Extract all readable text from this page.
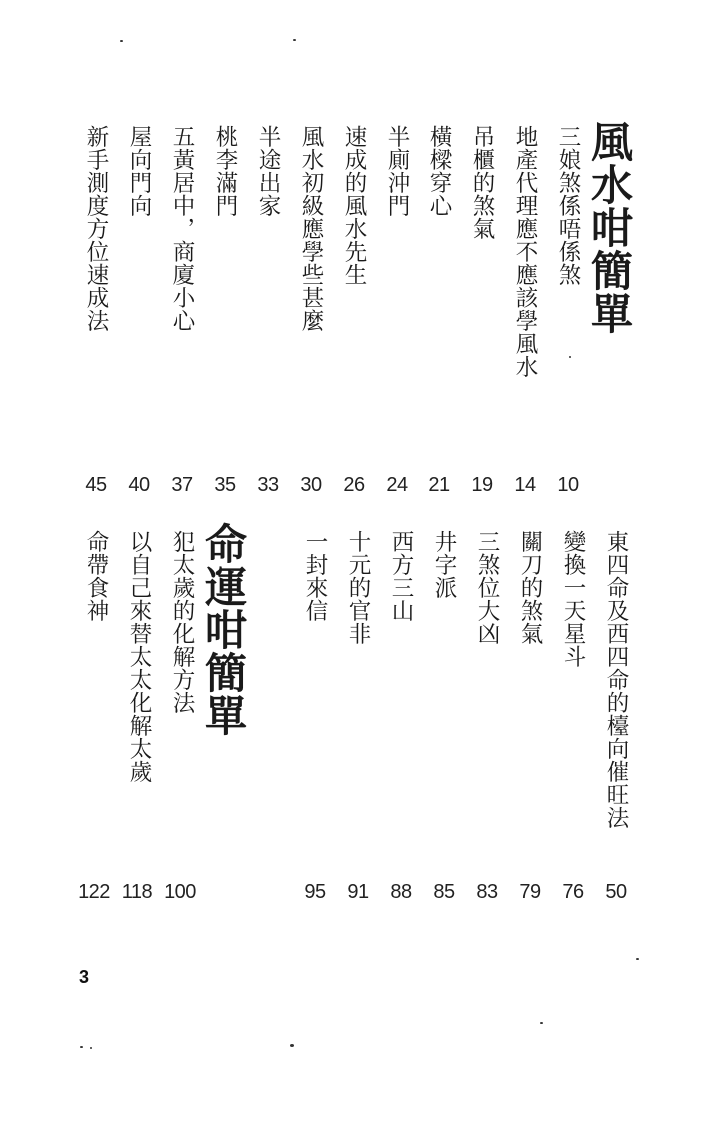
風水咁簡單
三娘煞係唔係煞
地產代理應不應該學風水
吊櫃的煞氣
橫樑穿心
半廁沖門
速成的風水先生
風水初級應學些甚麼
半途出家
桃李滿門
五黃居中，商廈小心
屋向門向
新手測度方位速成法
10
14
19
21
24
26
30
33
35
37
40
45
東四命及西四命的檯向催旺法
變換一天星斗
關刀的煞氣
三煞位大凶
井字派
西方三山
十元的官非
一封來信
命運咁簡單
犯太歲的化解方法
以自己來替太太化解太歲
命帶食神
50
76
79
83
85
88
91
95
100
118
122
3
